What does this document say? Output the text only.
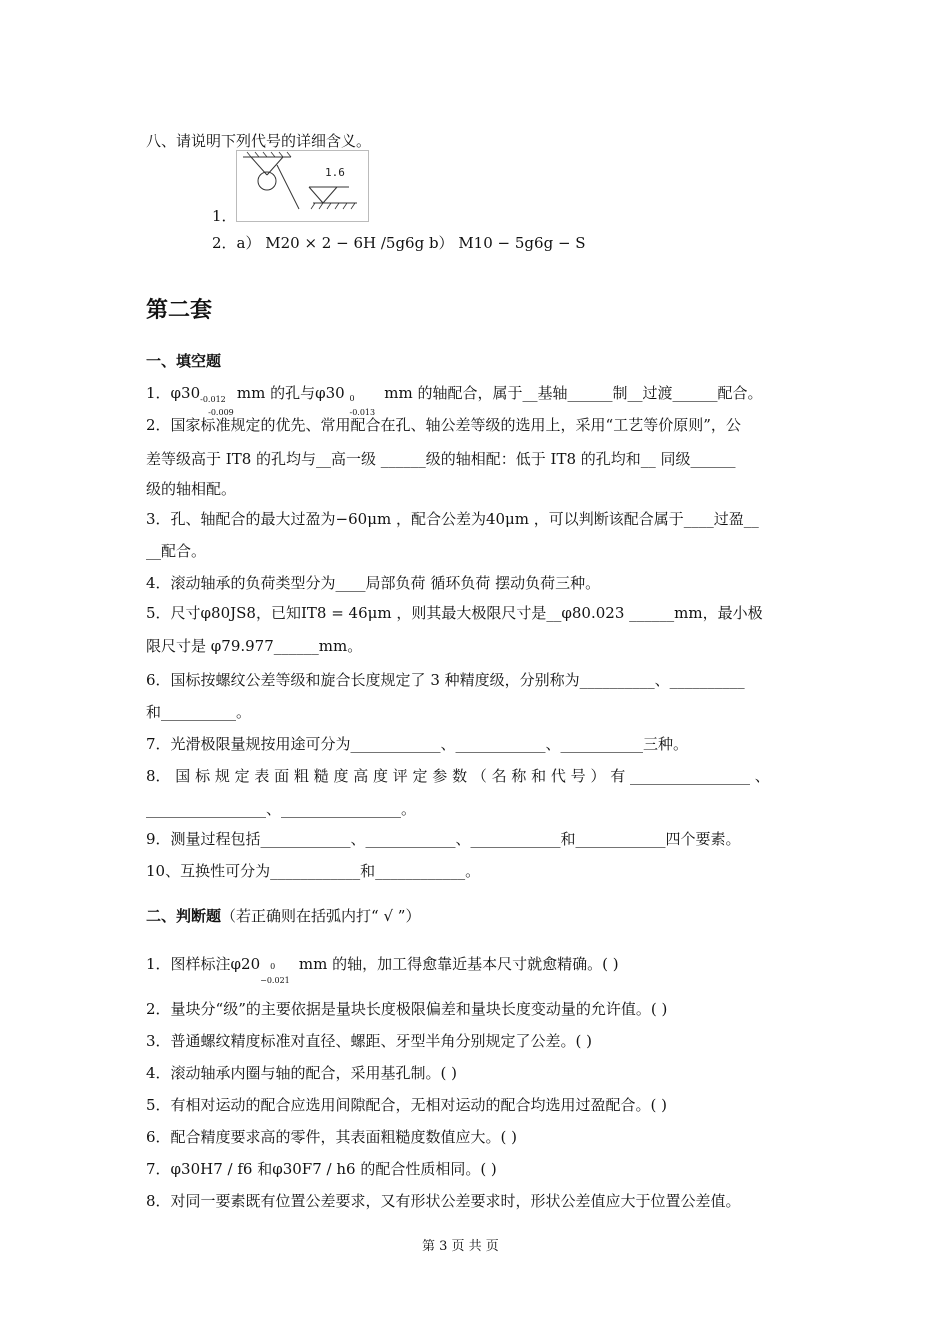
八、请说明下列代号的详细含义。
1.6
1．
2．a） M20 × 2 − 6H /5g6g b） M10 − 5g6g − S
第二套
一、填空题
1．φ30 -0.012
-0.009
mm 的孔与φ30 0
-0.013
mm 的轴配合，属于__基轴______制__过渡______配合。
2．国家标准规定的优先、常用配合在孔、轴公差等级的选用上，采用“工艺等价原则”，公
差等级高于 IT8 的孔均与__高一级 ______级的轴相配：低于 IT8 的孔均和__ 同级______
级的轴相配。
3．孔、轴配合的最大过盈为−60μm ，配合公差为40μm ，可以判断该配合属于____过盈__
__配合。
4．滚动轴承的负荷类型分为____局部负荷 循环负荷 摆动负荷三种。
5．尺寸φ80JS8，已知IT8 = 46μm ，则其最大极限尺寸是__φ80.023 ______mm，最小极
限尺寸是 φ79.977______mm。
6．国标按螺纹公差等级和旋合长度规定了 3 种精度级，分别称为__________、__________
和__________。
7．光滑极限量规按用途可分为____________、____________、___________三种。
8． 国 标 规 定 表 面 粗 糙 度 高 度 评 定 参 数 （ 名 称 和 代 号 ） 有 ________________ 、
________________、________________。
9．测量过程包括____________、____________、____________和____________四个要素。
10、互换性可分为____________和____________。
二、判断题（若正确则在括弧内打“ √ ”）
1．图样标注φ20 0
−0.021
mm 的轴，加工得愈靠近基本尺寸就愈精确。( )
2．量块分“级”的主要依据是量块长度极限偏差和量块长度变动量的允许值。( )
3．普通螺纹精度标准对直径、螺距、牙型半角分别规定了公差。( )
4．滚动轴承内圈与轴的配合，采用基孔制。( )
5．有相对运动的配合应选用间隙配合，无相对运动的配合均选用过盈配合。( )
6．配合精度要求高的零件，其表面粗糙度数值应大。( )
7．φ30H7 / f6 和φ30F7 / h6 的配合性质相同。( )
8．对同一要素既有位置公差要求，又有形状公差要求时，形状公差值应大于位置公差值。
第 3 页 共 页
